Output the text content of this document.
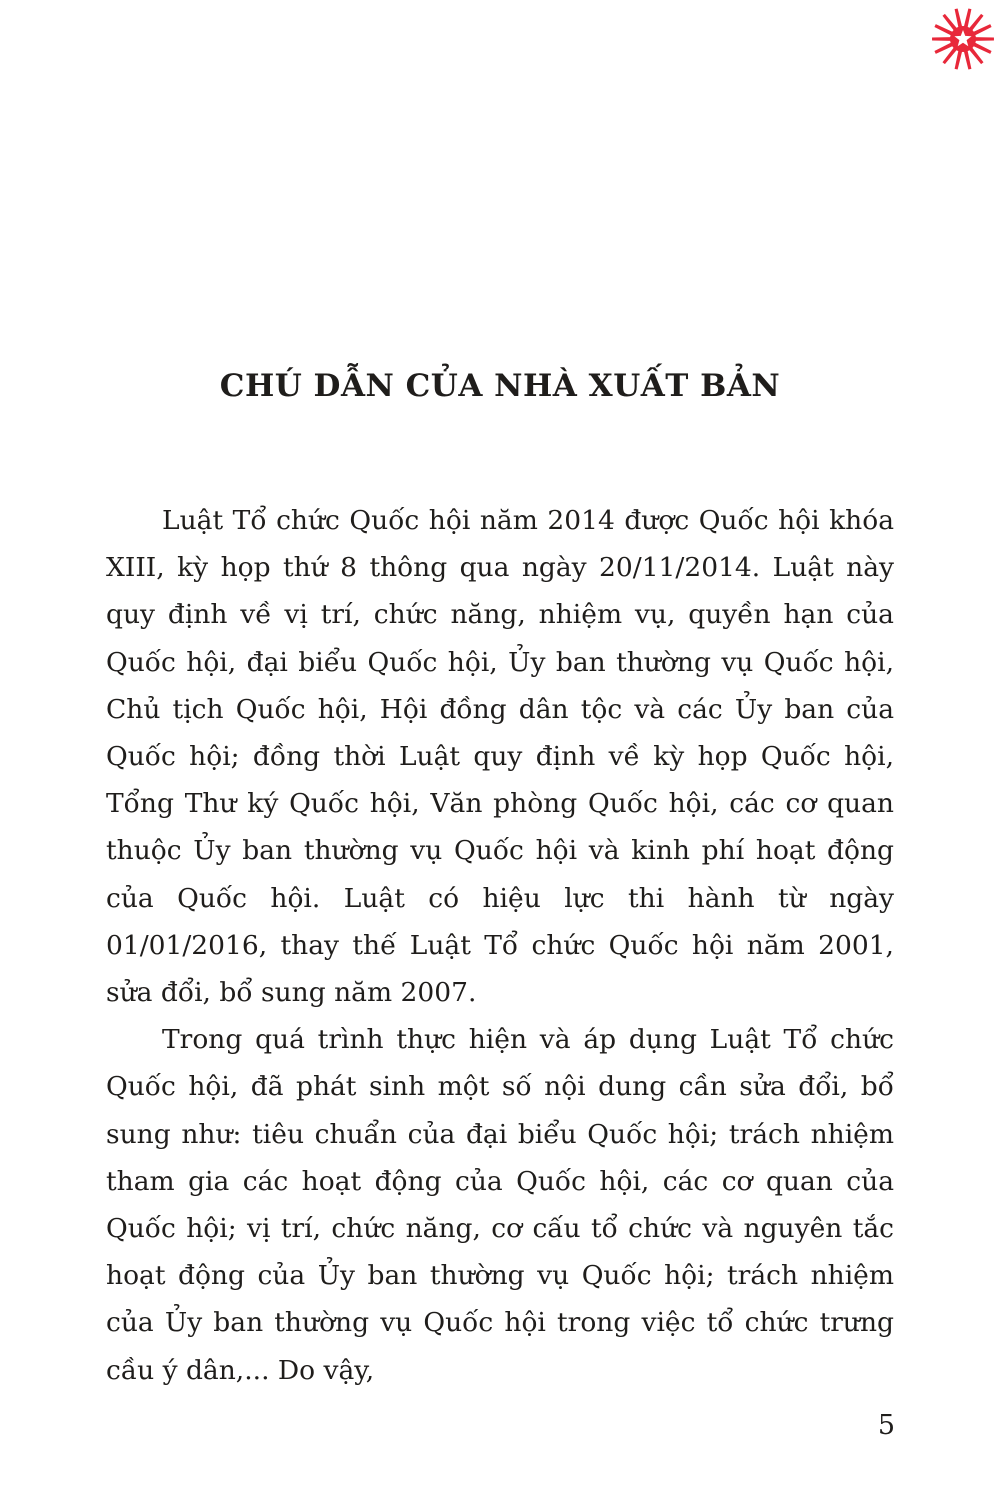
CHÚ DẪN CỦA NHÀ XUẤT BẢN

Luật Tổ chức Quốc hội năm 2014 được Quốc hội khóa XIII, kỳ họp thứ 8 thông qua ngày 20/11/2014. Luật này quy định về vị trí, chức năng, nhiệm vụ, quyền hạn của Quốc hội, đại biểu Quốc hội, Ủy ban thường vụ Quốc hội, Chủ tịch Quốc hội, Hội đồng dân tộc và các Ủy ban của Quốc hội; đồng thời Luật quy định về kỳ họp Quốc hội, Tổng Thư ký Quốc hội, Văn phòng Quốc hội, các cơ quan thuộc Ủy ban thường vụ Quốc hội và kinh phí hoạt động của Quốc hội. Luật có hiệu lực thi hành từ ngày 01/01/2016, thay thế Luật Tổ chức Quốc hội năm 2001, sửa đổi, bổ sung năm 2007.

Trong quá trình thực hiện và áp dụng Luật Tổ chức Quốc hội, đã phát sinh một số nội dung cần sửa đổi, bổ sung như: tiêu chuẩn của đại biểu Quốc hội; trách nhiệm tham gia các hoạt động của Quốc hội, các cơ quan của Quốc hội; vị trí, chức năng, cơ cấu tổ chức và nguyên tắc hoạt động của Ủy ban thường vụ Quốc hội; trách nhiệm của Ủy ban thường vụ Quốc hội trong việc tổ chức trưng cầu ý dân,... Do vậy,

5
